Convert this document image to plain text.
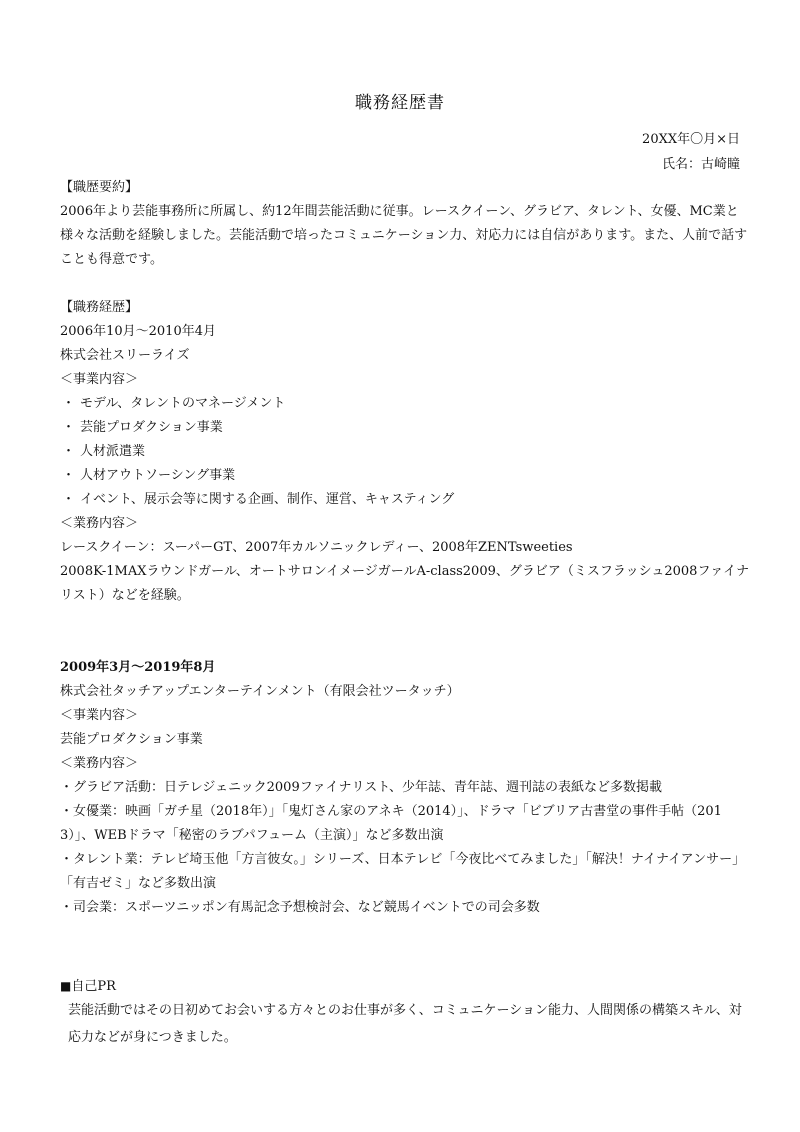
職務経歴書
20XX年〇月×日
氏名：古崎瞳

【職歴要約】

2006年より芸能事務所に所属し、約12年間芸能活動に従事。レースクイーン、グラビア、タレント、女優、MC業と様々な活動を経験しました。芸能活動で培ったコミュニケーション力、対応力には自信があります。また、人前で話すことも得意です。

【職務経歴】

2006年10月～2010年4月

株式会社スリーライズ

＜事業内容＞

・ モデル、タレントのマネージメント

・ 芸能プロダクション事業

・ 人材派遣業

・ 人材アウトソーシング事業

・ イベント、展示会等に関する企画、制作、運営、キャスティング

＜業務内容＞

レースクイーン：スーパーGT、2007年カルソニックレディー、2008年ZENTsweeties

2008K-1MAXラウンドガール、オートサロンイメージガールA-class2009、グラビア（ミスフラッシュ2008ファイナリスト）などを経験。

2009年3月～2019年8月

株式会社タッチアップエンターテインメント（有限会社ツータッチ）

＜事業内容＞

芸能プロダクション事業

＜業務内容＞

・グラビア活動：日テレジェニック2009ファイナリスト、少年誌、青年誌、週刊誌の表紙など多数掲載

・女優業：映画「ガチ星（2018年）」「鬼灯さん家のアネキ（2014）」、ドラマ「ビブリア古書堂の事件手帖（2013）」、WEBドラマ「秘密のラブパフューム（主演）」など多数出演

・タレント業：テレビ埼玉他「方言彼女。」シリーズ、日本テレビ「今夜比べてみました」「解決！ナイナイアンサー」「有吉ゼミ」など多数出演

・司会業：スポーツニッポン有馬記念予想検討会、など競馬イベントでの司会多数

■自己PR

芸能活動ではその日初めてお会いする方々とのお仕事が多く、コミュニケーション能力、人間関係の構築スキル、対応力などが身につきました。
